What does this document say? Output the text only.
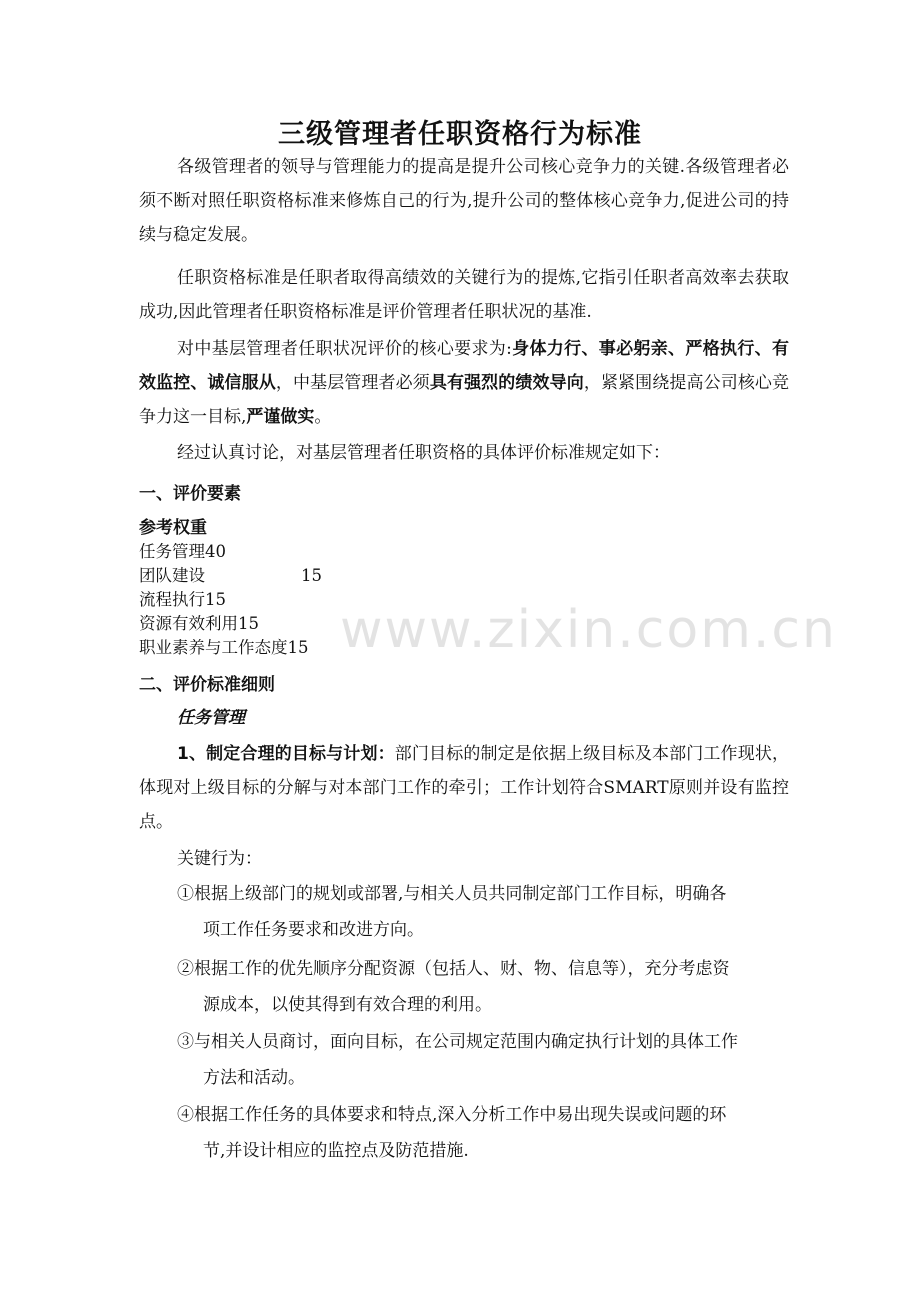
www.zixin.com.cn
三级管理者任职资格行为标准

各级管理者的领导与管理能力的提高是提升公司核心竞争力的关键.各级管理者必须不断对照任职资格标准来修炼自己的行为,提升公司的整体核心竞争力,促进公司的持续与稳定发展。

任职资格标准是任职者取得高绩效的关键行为的提炼,它指引任职者高效率去获取成功,因此管理者任职资格标准是评价管理者任职状况的基准.

对中基层管理者任职状况评价的核心要求为:身体力行、事必躬亲、严格执行、有效监控、诚信服从，中基层管理者必须具有强烈的绩效导向，紧紧围绕提高公司核心竞争力这一目标,严谨做实。

经过认真讨论，对基层管理者任职资格的具体评价标准规定如下：

一、评价要素
参考权重
任务管理40
团队建设	15
流程执行15
资源有效利用15
职业素养与工作态度15
二、评价标准细则
任务管理

1、制定合理的目标与计划：部门目标的制定是依据上级目标及本部门工作现状，体现对上级目标的分解与对本部门工作的牵引；工作计划符合SMART原则并设有监控点。

关键行为：
①根据上级部门的规划或部署,与相关人员共同制定部门工作目标，明确各
项工作任务要求和改进方向。
②根据工作的优先顺序分配资源（包括人、财、物、信息等），充分考虑资
源成本，以使其得到有效合理的利用。
③与相关人员商讨，面向目标，在公司规定范围内确定执行计划的具体工作
方法和活动。
④根据工作任务的具体要求和特点,深入分析工作中易出现失误或问题的环
节,并设计相应的监控点及防范措施.
